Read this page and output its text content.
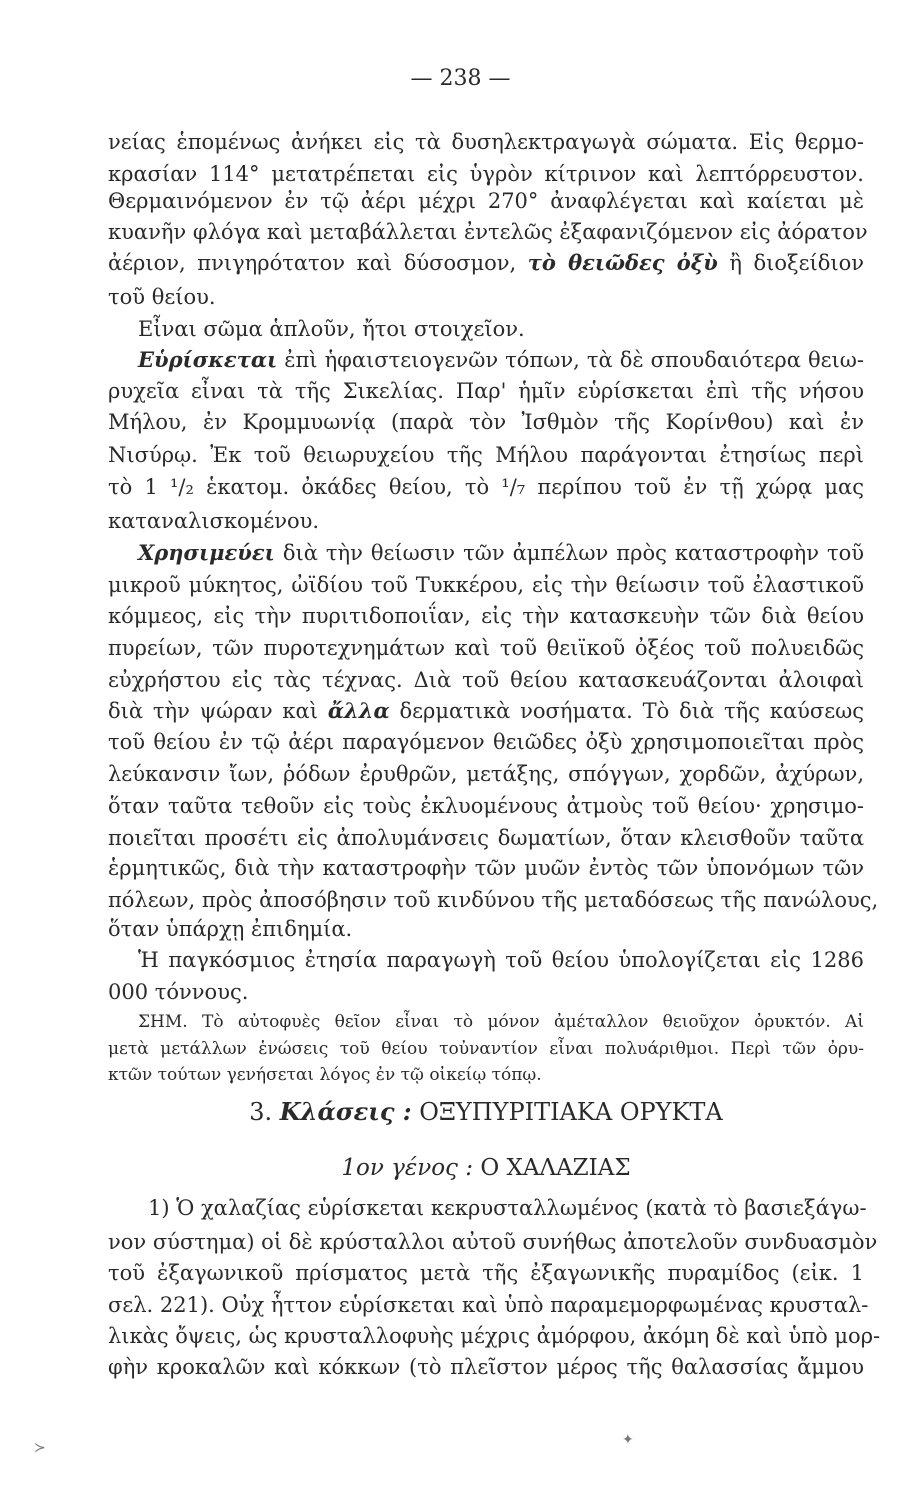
— 238 —
νείας ἑπομένως ἀνήκει εἰς τὰ δυσηλεκτραγωγὰ σώματα. Εἰς θερμο-
κρασίαν 114° μετατρέπεται εἰς ὑγρὸν κίτρινον καὶ λεπτόρρευστον.
Θερμαινόμενον ἐν τῷ ἀέρι μέχρι 270° ἀναφλέγεται καὶ καίεται μὲ
κυανῆν φλόγα καὶ μεταβάλλεται ἐντελῶς ἐξαφανιζόμενον εἰς ἀόρατον
ἀέριον, πνιγηρότατον καὶ δύσοσμον, τὸ θειῶδες ὀξὺ ἢ διοξείδιον
τοῦ θείου.
Εἶναι σῶμα ἁπλοῦν, ἤτοι στοιχεῖον.
Εὑρίσκεται ἐπὶ ἡφαιστειογενῶν τόπων, τὰ δὲ σπουδαιότερα θειω-
ρυχεῖα εἶναι τὰ τῆς Σικελίας. Παρ' ἡμῖν εὑρίσκεται ἐπὶ τῆς νήσου
Μήλου, ἐν Κρομμυωνίᾳ (παρὰ τὸν Ἰσθμὸν τῆς Κορίνθου) καὶ ἐν
Νισύρῳ. Ἐκ τοῦ θειωρυχείου τῆς Μήλου παράγονται ἐτησίως περὶ
τὸ 1 ¹/₂ ἑκατομ. ὀκάδες θείου, τὸ ¹/₇ περίπου τοῦ ἐν τῇ χώρᾳ μας
καταναλισκομένου.
Χρησιμεύει διὰ τὴν θείωσιν τῶν ἀμπέλων πρὸς καταστροφὴν τοῦ
μικροῦ μύκητος, ὠϊδίου τοῦ Τυκκέρου, εἰς τὴν θείωσιν τοῦ ἐλαστικοῦ
κόμμεος, εἰς τὴν πυριτιδοποιΐαν, εἰς τὴν κατασκευὴν τῶν διὰ θείου
πυρείων, τῶν πυροτεχνημάτων καὶ τοῦ θειϊκοῦ ὀξέος τοῦ πολυειδῶς
εὐχρήστου εἰς τὰς τέχνας. Διὰ τοῦ θείου κατασκευάζονται ἀλοιφαὶ
διὰ τὴν ψώραν καὶ ἄλλα δερματικὰ νοσήματα. Τὸ διὰ τῆς καύσεως
τοῦ θείου ἐν τῷ ἀέρι παραγόμενον θειῶδες ὀξὺ χρησιμοποιεῖται πρὸς
λεύκανσιν ἴων, ῥόδων ἐρυθρῶν, μετάξης, σπόγγων, χορδῶν, ἀχύρων,
ὅταν ταῦτα τεθοῦν εἰς τοὺς ἐκλυομένους ἀτμοὺς τοῦ θείου· χρησιμο-
ποιεῖται προσέτι εἰς ἀπολυμάνσεις δωματίων, ὅταν κλεισθοῦν ταῦτα
ἑρμητικῶς, διὰ τὴν καταστροφὴν τῶν μυῶν ἐντὸς τῶν ὑπονόμων τῶν
πόλεων, πρὸς ἀποσόβησιν τοῦ κινδύνου τῆς μεταδόσεως τῆς πανώλους,
ὅταν ὑπάρχῃ ἐπιδημία.
Ἡ παγκόσμιος ἐτησία παραγωγὴ τοῦ θείου ὑπολογίζεται εἰς 1286
000 τόννους.
ΣΗΜ. Τὸ αὐτοφυὲς θεῖον εἶναι τὸ μόνον ἀμέταλλον θειοῦχον ὀρυκτόν. Αἱ
μετὰ μετάλλων ἑνώσεις τοῦ θείου τοὐναντίον εἶναι πολυάριθμοι. Περὶ τῶν ὀρυ-
κτῶν τούτων γενήσεται λόγος ἐν τῷ οἰκείῳ τόπῳ.
3. Κλάσεις : ΟΞΥΠΥΡΙΤΙΑΚΑ ΟΡΥΚΤΑ
1ον γένος : Ο ΧΑΛΑΖΙΑΣ
1) Ὁ χαλαζίας εὑρίσκεται κεκρυσταλλωμένος (κατὰ τὸ βασιεξάγω-
νον σύστημα) οἱ δὲ κρύσταλλοι αὐτοῦ συνήθως ἀποτελοῦν συνδυασμὸν
τοῦ ἐξαγωνικοῦ πρίσματος μετὰ τῆς ἐξαγωνικῆς πυραμίδος (εἰκ. 1
σελ. 221). Οὐχ ἧττον εὑρίσκεται καὶ ὑπὸ παραμεμορφωμένας κρυσταλ-
λικὰς ὄψεις, ὡς κρυσταλλοφυὴς μέχρις ἀμόρφου, ἀκόμη δὲ καὶ ὑπὸ μορ-
φὴν κροκαλῶν καὶ κόκκων (τὸ πλεῖστον μέρος τῆς θαλασσίας ἄμμου
≻	✦
